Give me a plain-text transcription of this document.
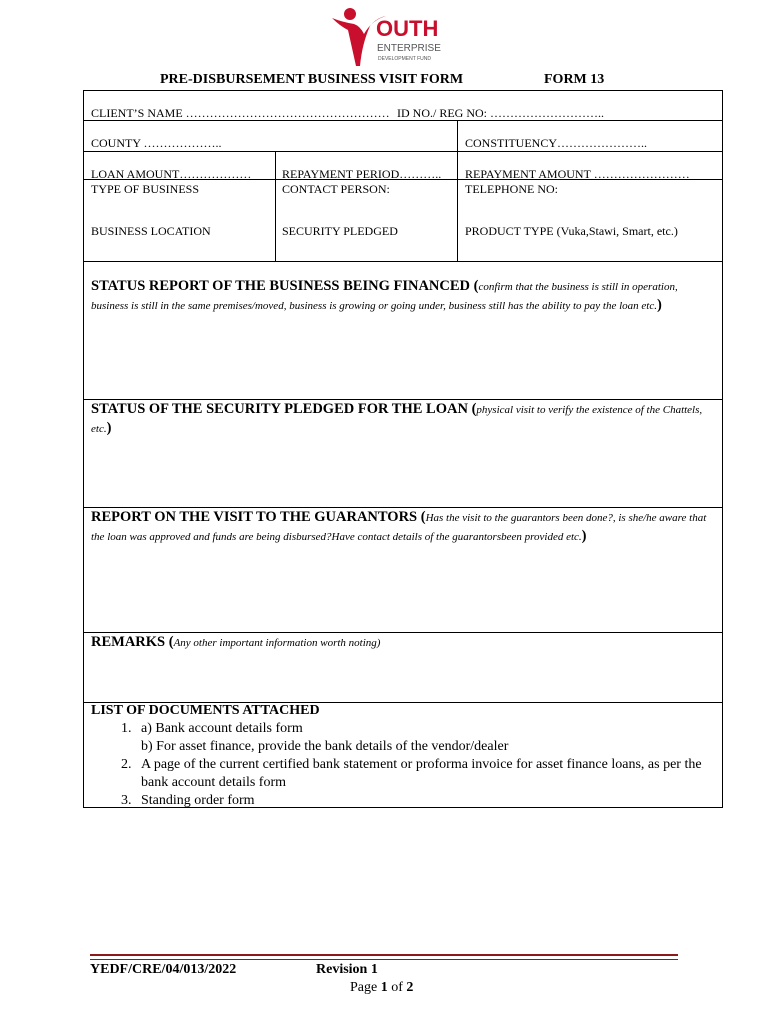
OUTH
ENTERPRISE
DEVELOPMENT FUND
PRE-DISBURSEMENT BUSINESS VISIT FORM	FORM 13
CLIENT’S NAME …………………………………………… ID NO./ REG NO: ………………………..
COUNTY ………………..	CONSTITUENCY…………………..
LOAN AMOUNT………………	REPAYMENT PERIOD……….. REPAYMENT AMOUNT ……………………
TYPE OF BUSINESS	CONTACT PERSON:	TELEPHONE NO:
BUSINESS LOCATION	SECURITY PLEDGED	PRODUCT TYPE (Vuka,Stawi, Smart, etc.)
STATUS REPORT OF THE BUSINESS BEING FINANCED (confirm that the business is still in operation, business is still in the same premises/moved, business is growing or going under, business still has the ability to pay the loan etc.)
STATUS OF THE SECURITY PLEDGED FOR THE LOAN (physical visit to verify the existence of the Chattels, etc.)
REPORT ON THE VISIT TO THE GUARANTORS (Has the visit to the guarantors been done?, is she/he aware that the loan was approved and funds are being disbursed?Have contact details of the guarantorsbeen provided etc.)
REMARKS (Any other important information worth noting)
LIST OF DOCUMENTS ATTACHED
1. a) Bank account details form
b) For asset finance, provide the bank details of the vendor/dealer
2. A page of the current certified bank statement or proforma invoice for asset finance loans, as per the bank account details form
3. Standing order form
YEDF/CRE/04/013/2022	Revision 1
Page 1 of 2
